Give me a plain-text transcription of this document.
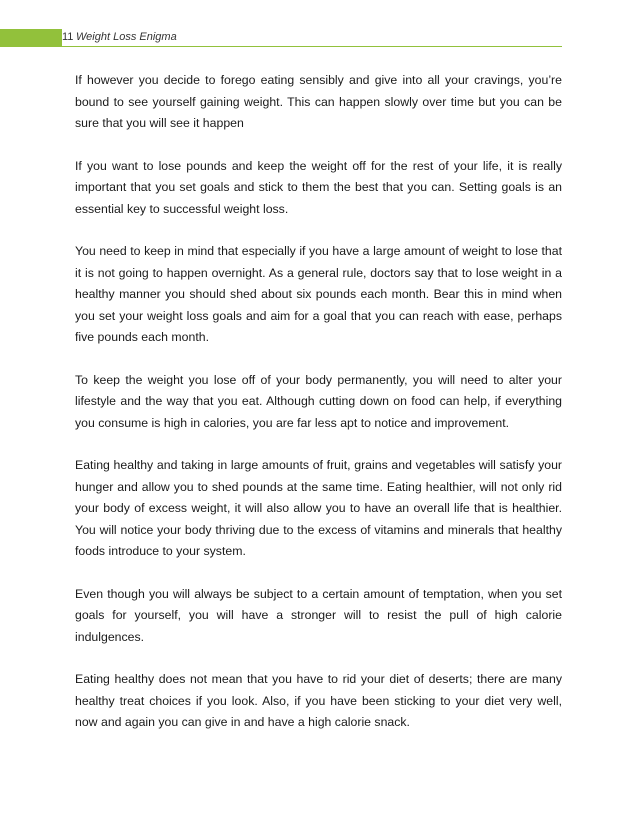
11 Weight Loss Enigma

If however you decide to forego eating sensibly and give into all your cravings, you’re bound to see yourself gaining weight. This can happen slowly over time but you can be sure that you will see it happen

If you want to lose pounds and keep the weight off for the rest of your life, it is really important that you set goals and stick to them the best that you can. Setting goals is an essential key to successful weight loss.

You need to keep in mind that especially if you have a large amount of weight to lose that it is not going to happen overnight. As a general rule, doctors say that to lose weight in a healthy manner you should shed about six pounds each month. Bear this in mind when you set your weight loss goals and aim for a goal that you can reach with ease, perhaps five pounds each month.

To keep the weight you lose off of your body permanently, you will need to alter your lifestyle and the way that you eat. Although cutting down on food can help, if everything you consume is high in calories, you are far less apt to notice and improvement.

Eating healthy and taking in large amounts of fruit, grains and vegetables will satisfy your hunger and allow you to shed pounds at the same time. Eating healthier, will not only rid your body of excess weight, it will also allow you to have an overall life that is healthier. You will notice your body thriving due to the excess of vitamins and minerals that healthy foods introduce to your system.

Even though you will always be subject to a certain amount of temptation, when you set goals for yourself, you will have a stronger will to resist the pull of high calorie indulgences.

Eating healthy does not mean that you have to rid your diet of deserts; there are many healthy treat choices if you look. Also, if you have been sticking to your diet very well, now and again you can give in and have a high calorie snack.
